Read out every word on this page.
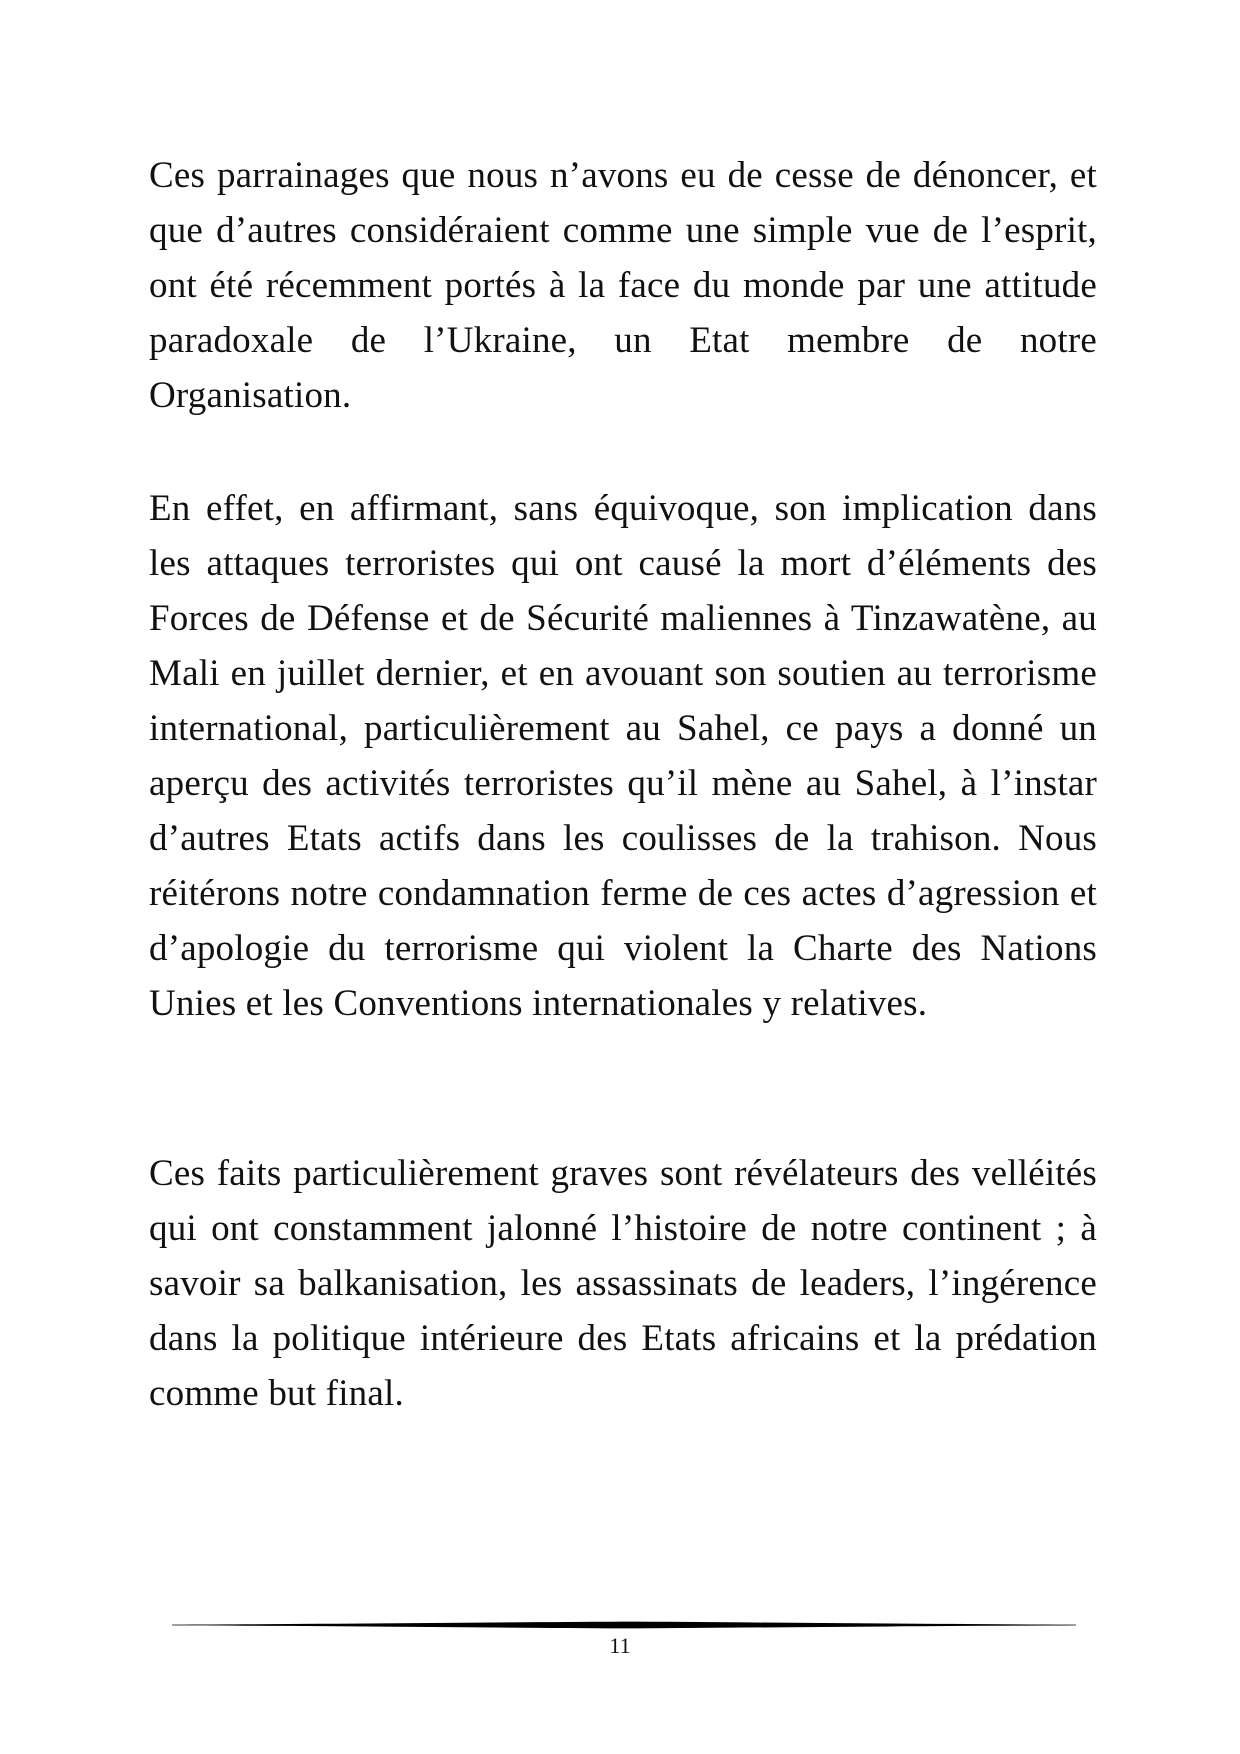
Ces parrainages que nous n’avons eu de cesse de dénoncer, et que d’autres considéraient comme une simple vue de l’esprit, ont été récemment portés à la face du monde par une attitude paradoxale de l’Ukraine, un Etat membre de notre Organisation.

En effet, en affirmant, sans équivoque, son implication dans les attaques terroristes qui ont causé la mort d’éléments des Forces de Défense et de Sécurité maliennes à Tinzawatène, au Mali en juillet dernier, et en avouant son soutien au terrorisme international, particulièrement au Sahel, ce pays a donné un aperçu des activités terroristes qu’il mène au Sahel, à l’instar d’autres Etats actifs dans les coulisses de la trahison. Nous réitérons notre condamnation ferme de ces actes d’agression et d’apologie du terrorisme qui violent la Charte des Nations Unies et les Conventions internationales y relatives.

Ces faits particulièrement graves sont révélateurs des velléités qui ont constamment jalonné l’histoire de notre continent ; à savoir sa balkanisation, les assassinats de leaders, l’ingérence dans la politique intérieure des Etats africains et la prédation comme but final.

11
